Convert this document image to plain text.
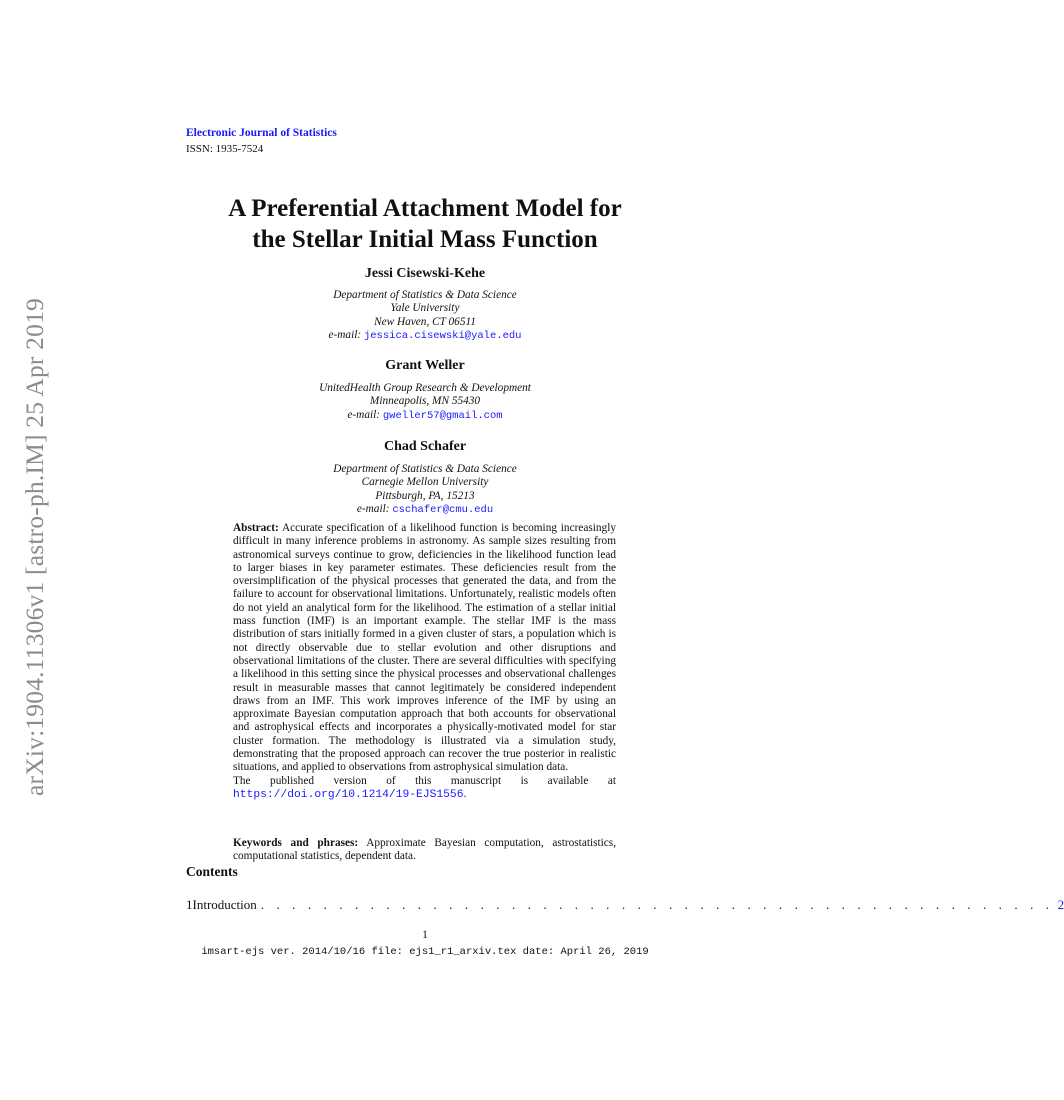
arXiv:1904.11306v1 [astro-ph.IM] 25 Apr 2019
Electronic Journal of Statistics
ISSN: 1935-7524
A Preferential Attachment Model for
the Stellar Initial Mass Function
Jessi Cisewski-Kehe
Department of Statistics & Data Science
Yale University
New Haven, CT 06511
e-mail: jessica.cisewski@yale.edu
Grant Weller
UnitedHealth Group Research & Development
Minneapolis, MN 55430
e-mail: gweller57@gmail.com
Chad Schafer
Department of Statistics & Data Science
Carnegie Mellon University
Pittsburgh, PA, 15213
e-mail: cschafer@cmu.edu
Abstract: Accurate specification of a likelihood function is becoming increasingly difficult in many inference problems in astronomy. As sample sizes resulting from astronomical surveys continue to grow, deficiencies in the likelihood function lead to larger biases in key parameter estimates. These deficiencies result from the oversimplification of the physical processes that generated the data, and from the failure to account for observational limitations. Unfortunately, realistic models often do not yield an analytical form for the likelihood. The estimation of a stellar initial mass function (IMF) is an important example. The stellar IMF is the mass distribution of stars initially formed in a given cluster of stars, a population which is not directly observable due to stellar evolution and other disruptions and observational limitations of the cluster. There are several difficulties with specifying a likelihood in this setting since the physical processes and observational challenges result in measurable masses that cannot legitimately be considered independent draws from an IMF. This work improves inference of the IMF by using an approximate Bayesian computation approach that both accounts for observational and astrophysical effects and incorporates a physically-motivated model for star cluster formation. The methodology is illustrated via a simulation study, demonstrating that the proposed approach can recover the true posterior in realistic situations, and applied to observations from astrophysical simulation data.
The published version of this manuscript is available at https://doi.org/10.1214/19-EJS1556.
Keywords and phrases: Approximate Bayesian computation, astrostatistics, computational statistics, dependent data.
Contents
1 Introduction . . . . . . . . . . . . . . . . . . . . . . . . . . . . . . . . . . . . . . . . . . . . . . . . . . . 2
1
imsart-ejs ver. 2014/10/16 file: ejs1_r1_arxiv.tex date: April 26, 2019
